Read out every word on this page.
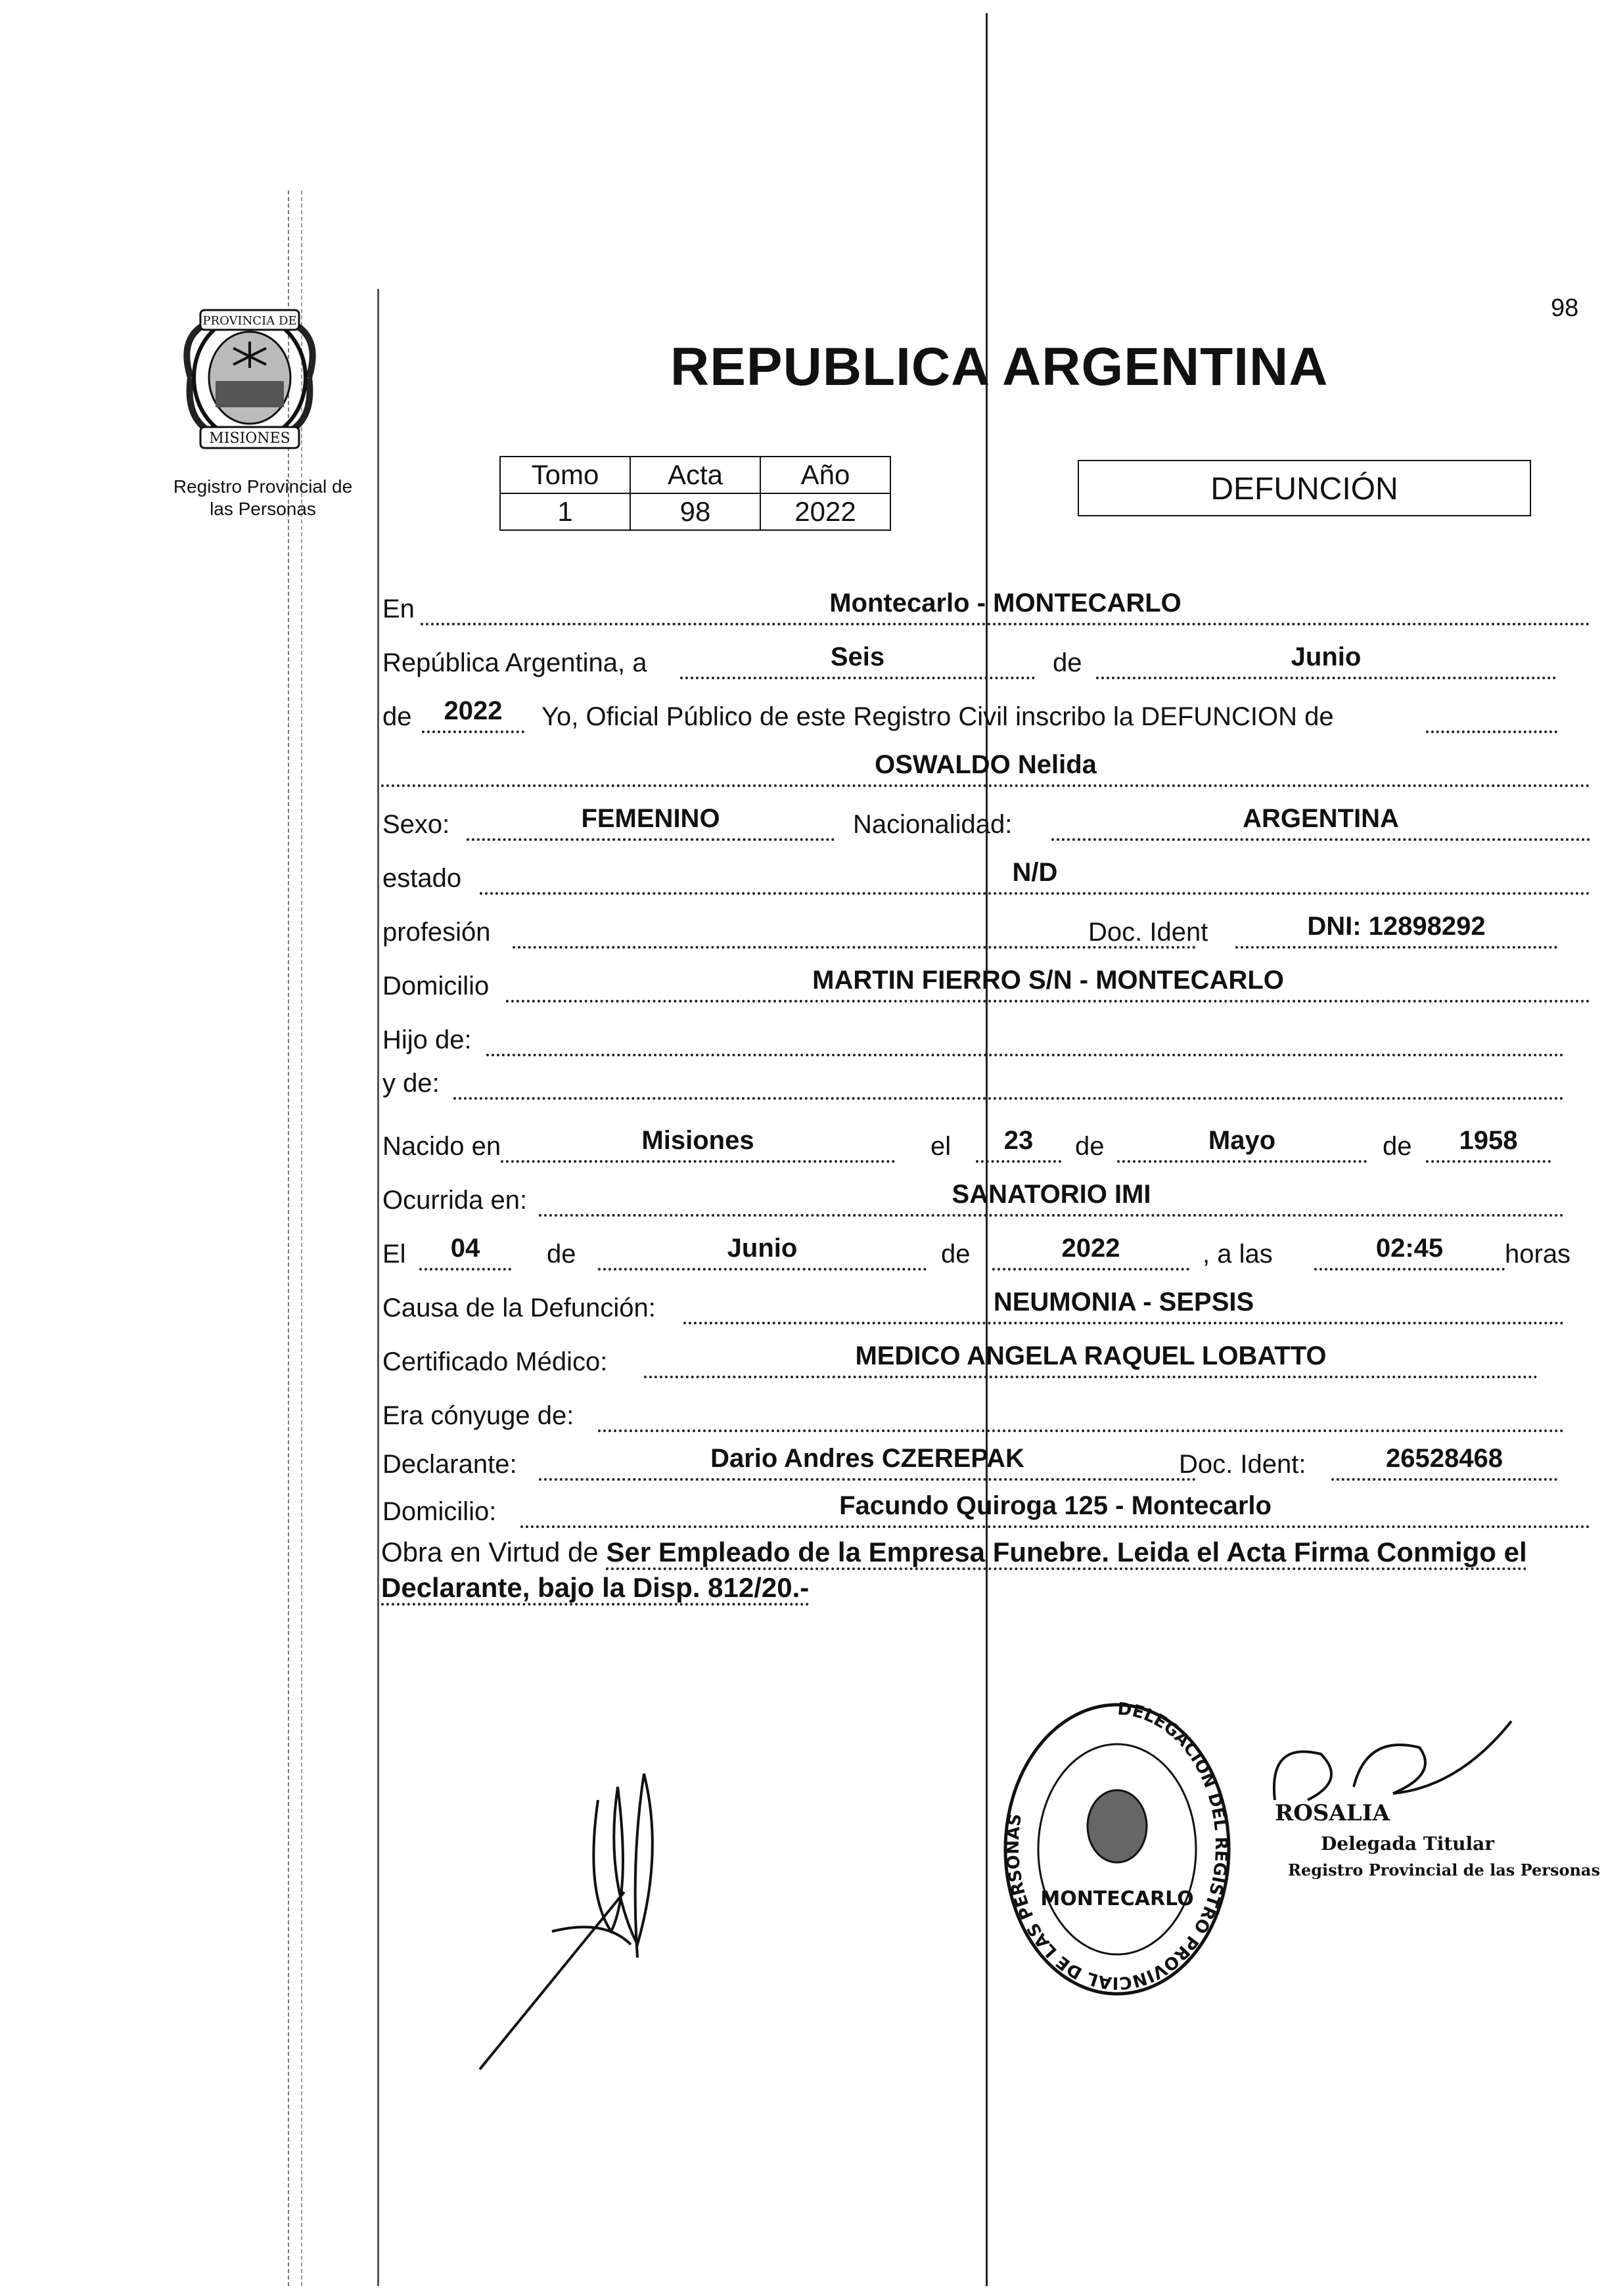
98
REPUBLICA ARGENTINA
PROVINCIA DE
MISIONES
Registro Provincial de
las Personas
Tomo	Acta	Año
1	98	2022
DEFUNCIÓN
En	Montecarlo - MONTECARLO
República Argentina, a	Seis	de	Junio
de	2022	Yo, Oficial Público de este Registro Civil inscribo la DEFUNCION de
OSWALDO Nelida
Sexo:	FEMENINO	Nacionalidad:	ARGENTINA
estado	N/D
profesión	Doc. Ident	DNI: 12898292
Domicilio	MARTIN FIERRO S/N - MONTECARLO
Hijo de:
y de:
Nacido en	Misiones	el	23	de	Mayo	de	1958
Ocurrida en:	SANATORIO IMI
El	04	de	Junio	de	2022	, a las	02:45	horas
Causa de la Defunción:	NEUMONIA - SEPSIS
Certificado Médico:	MEDICO ANGELA RAQUEL LOBATTO
Era cónyuge de:
Declarante:	Dario Andres CZEREPAK	Doc. Ident:	26528468
Domicilio:	Facundo Quiroga 125 - Montecarlo
Obra en Virtud de Ser Empleado de la Empresa Funebre. Leida el Acta Firma Conmigo el Declarante, bajo la Disp. 812/20.-
DELEGACION DEL REGISTRO PROVINCIAL DE LAS PERSONAS
MONTECARLO
ROSALIA
Delegada Titular
Registro Provincial de las Personas
